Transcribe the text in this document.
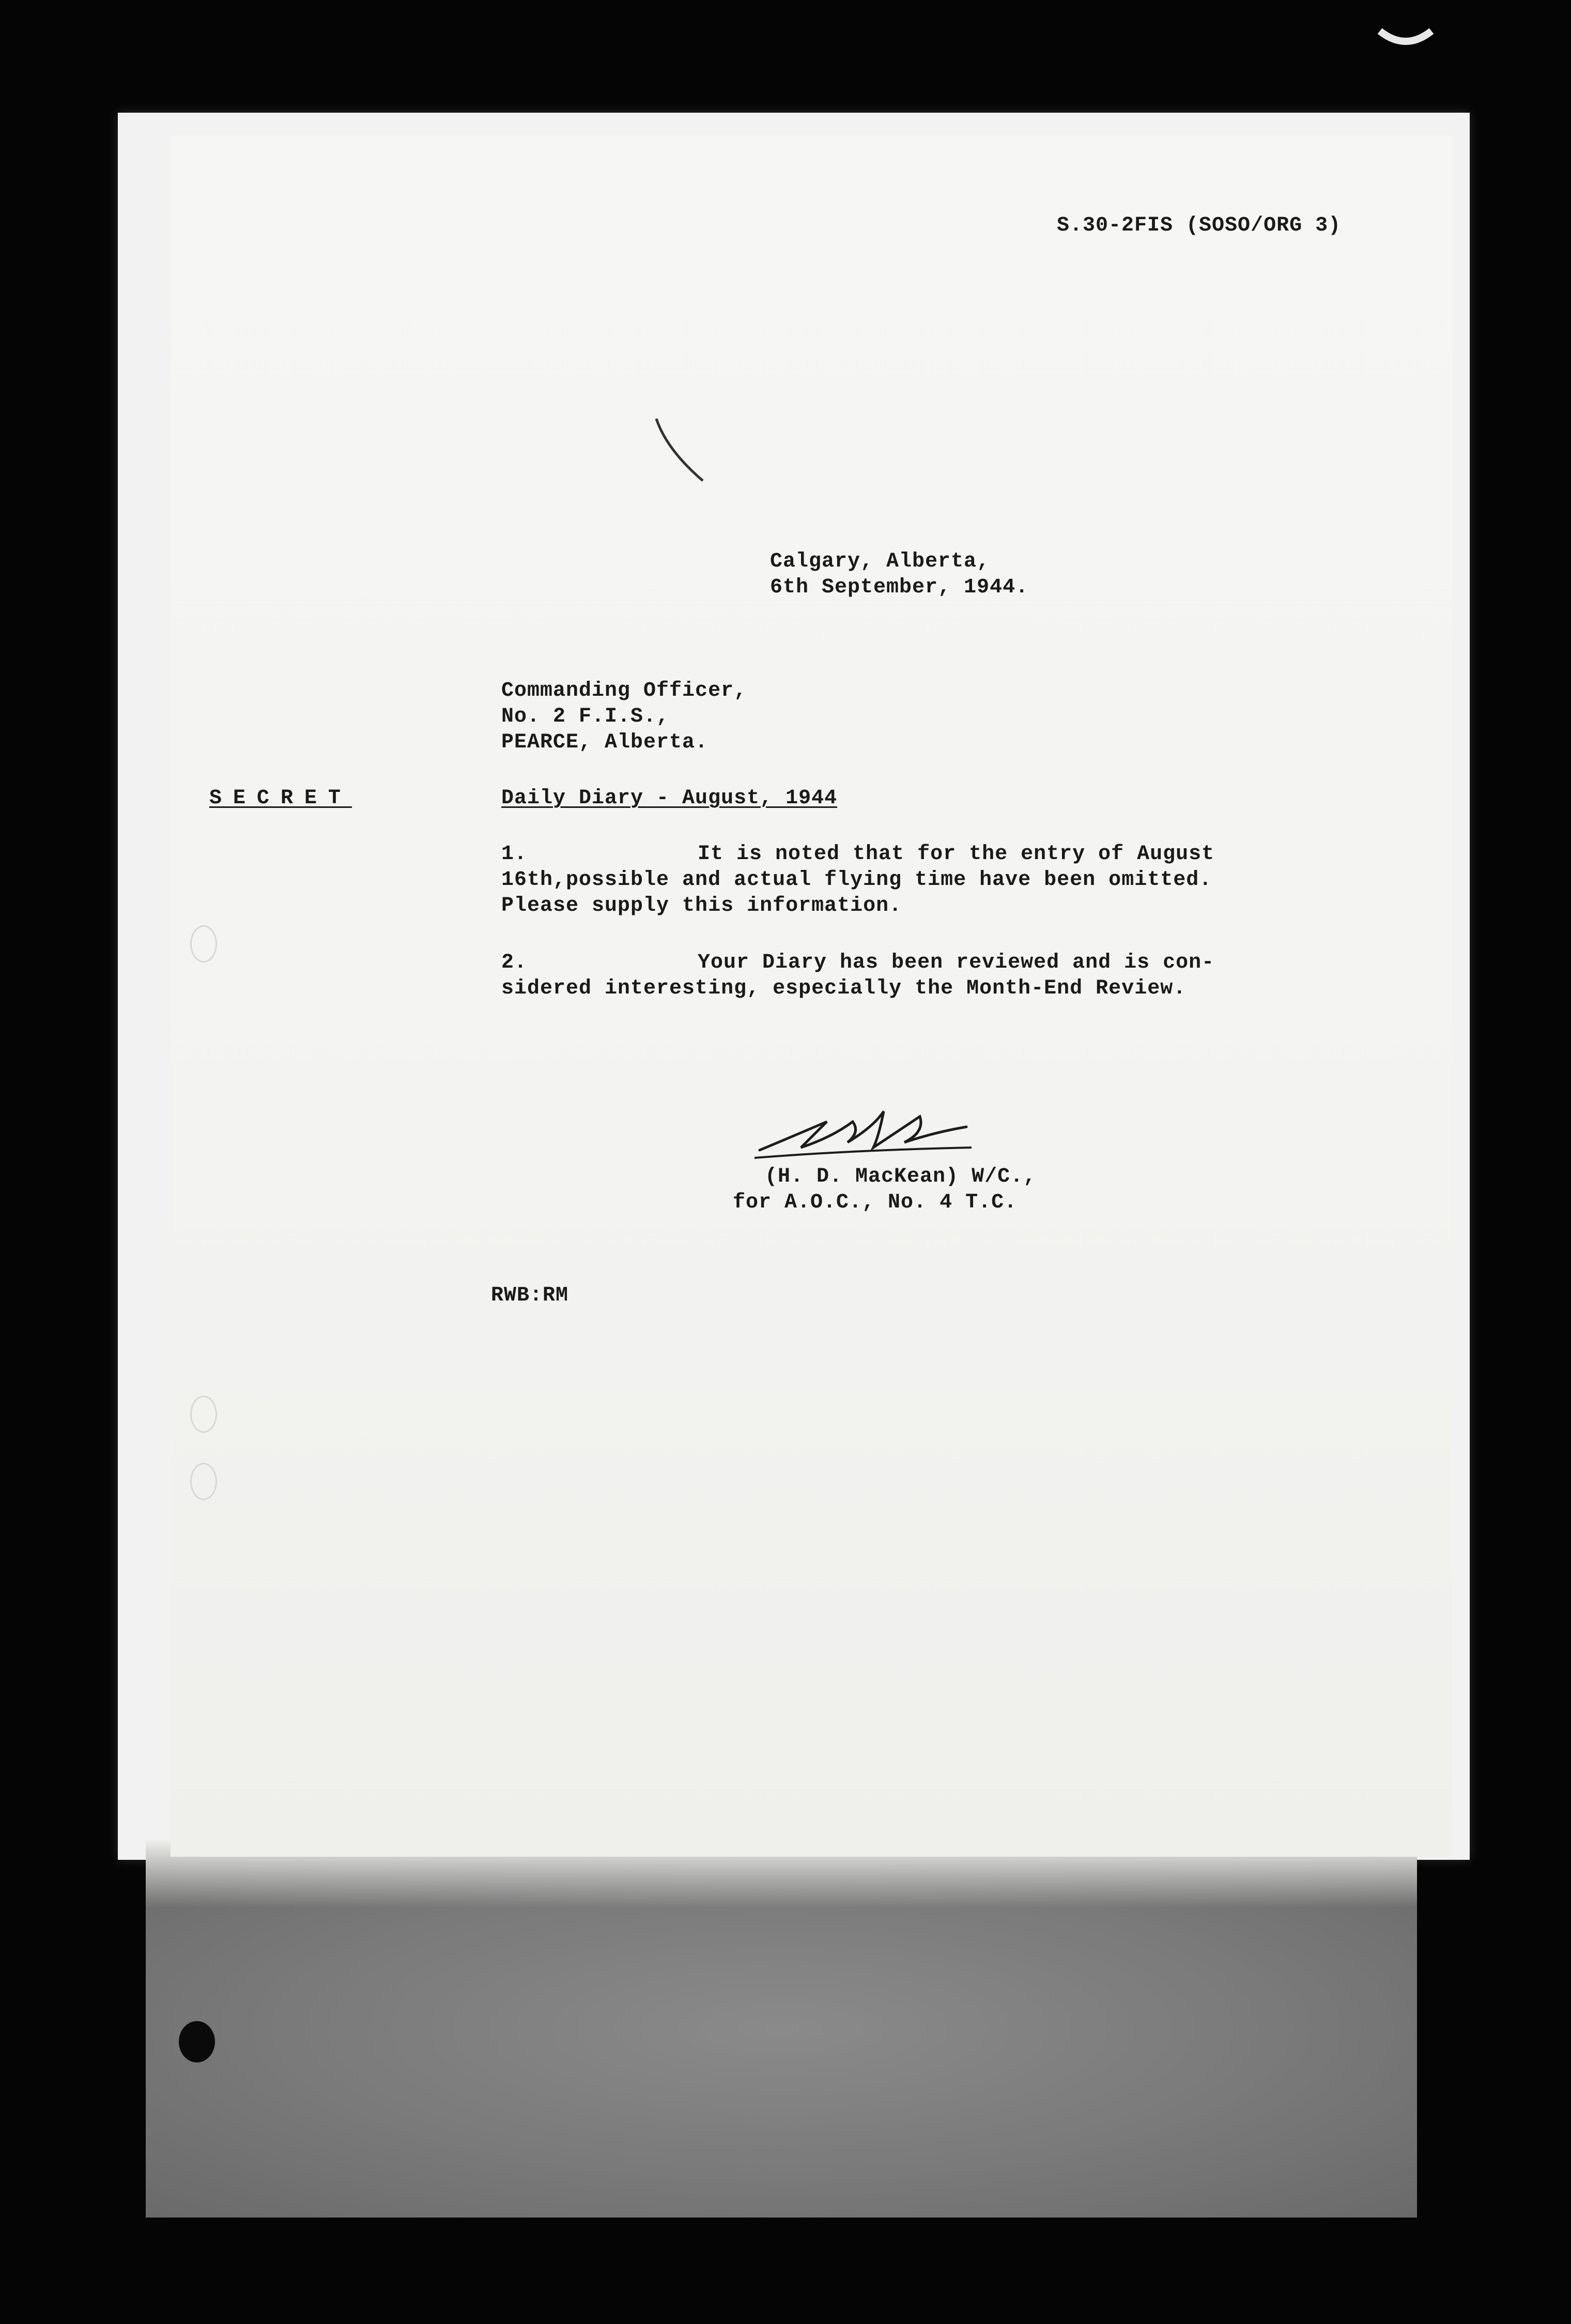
S.30-2FIS (SOSO/ORG 3)
Calgary, Alberta,
6th September, 1944.
Commanding Officer,
No. 2 F.I.S.,
PEARCE, Alberta.
SECRET	Daily Diary - August, 1944
1.	It is noted that for the entry of August
16th,possible and actual flying time have been omitted.
Please supply this information.
2.	Your Diary has been reviewed and is con-
sidered interesting, especially the Month-End Review.
(H. D. MacKean) W/C.,
for A.O.C., No. 4 T.C.
RWB:RM
